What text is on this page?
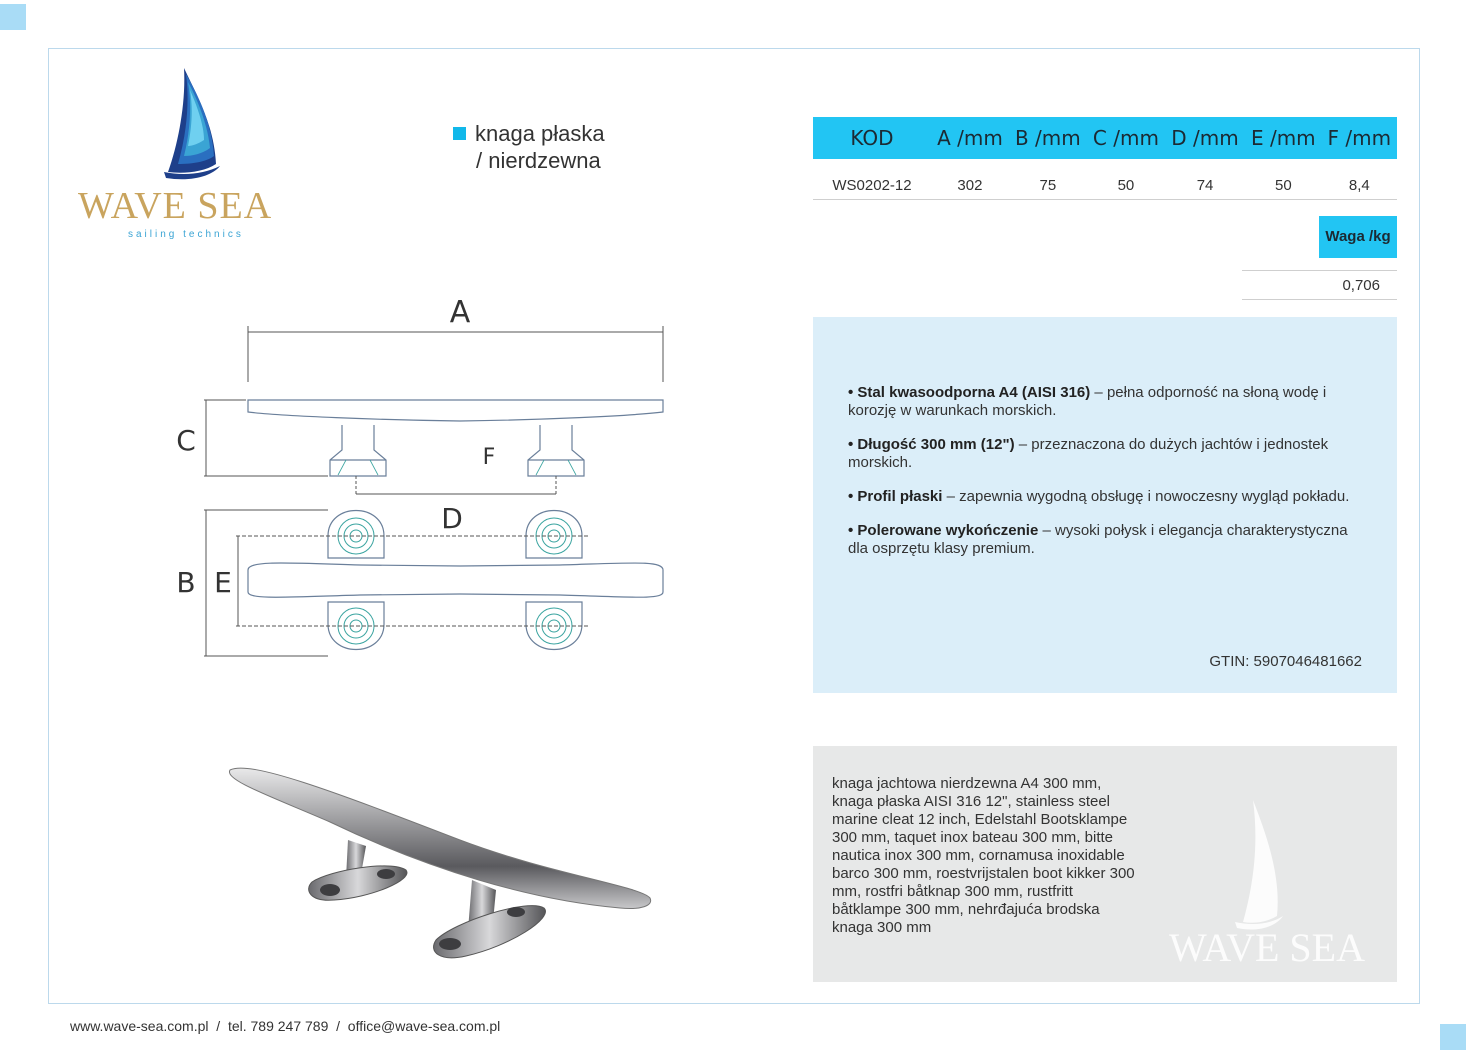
WAVE SEA
sailing technics
knaga płaska
/ nierdzewna
KOD	A /mm	B /mm	C /mm	D /mm	E /mm	F /mm

WS0202-12	302	75	50	74	50	8,4
Waga /kg
0,706
A
C
F
D
B E
• Stal kwasoodporna A4 (AISI 316) – pełna odporność na słoną wodę i korozję w warunkach morskich.
• Długość 300 mm (12") – przeznaczona do dużych jachtów i jednostek morskich.
• Profil płaski – zapewnia wygodną obsługę i nowoczesny wygląd pokładu.
• Polerowane wykończenie – wysoki połysk i elegancja charakterystyczna dla osprzętu klasy premium.
GTIN: 5907046481662
knaga jachtowa nierdzewna A4 300 mm, knaga płaska AISI 316 12", stainless steel marine cleat 12 inch, Edelstahl Bootsklampe 300 mm, taquet inox bateau 300 mm, bitte nautica inox 300 mm, cornamusa inoxidable barco 300 mm, roestvrijstalen boot kikker 300 mm, rostfri båtknap 300 mm, rustfritt båtklampe 300 mm, nehrđajuća brodska knaga 300 mm	WAVE SEA
www.wave-sea.com.pl  /  tel. 789 247 789  /  office@wave-sea.com.pl
